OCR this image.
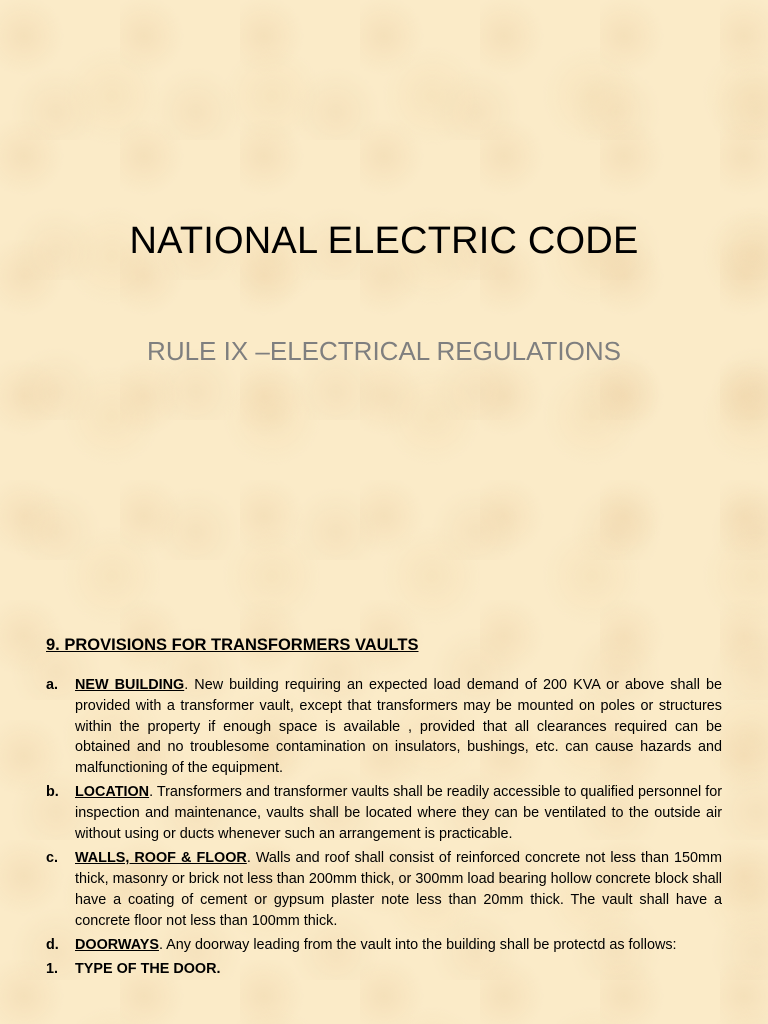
NATIONAL ELECTRIC CODE
RULE IX –ELECTRICAL REGULATIONS
9. PROVISIONS FOR TRANSFORMERS VAULTS
a. NEW BUILDING. New building requiring an expected load demand of 200 KVA or above shall be provided with a transformer vault, except that transformers may be mounted on poles or structures within the property if enough space is available , provided that all clearances required can be obtained and no troublesome contamination on insulators, bushings, etc. can cause hazards and malfunctioning of the equipment.
b. LOCATION. Transformers and transformer vaults shall be readily accessible to qualified personnel for inspection and maintenance, vaults shall be located where they can be ventilated to the outside air without using or ducts whenever such an arrangement is practicable.
c. WALLS, ROOF & FLOOR. Walls and roof shall consist of reinforced concrete not less than 150mm thick, masonry or brick not less than 200mm thick, or 300mm load bearing hollow concrete block shall have a coating of cement or gypsum plaster note less than 20mm thick. The vault shall have a concrete floor not less than 100mm thick.
d. DOORWAYS. Any doorway leading from the vault into the building shall be protectd as follows:
1. TYPE OF THE DOOR.
